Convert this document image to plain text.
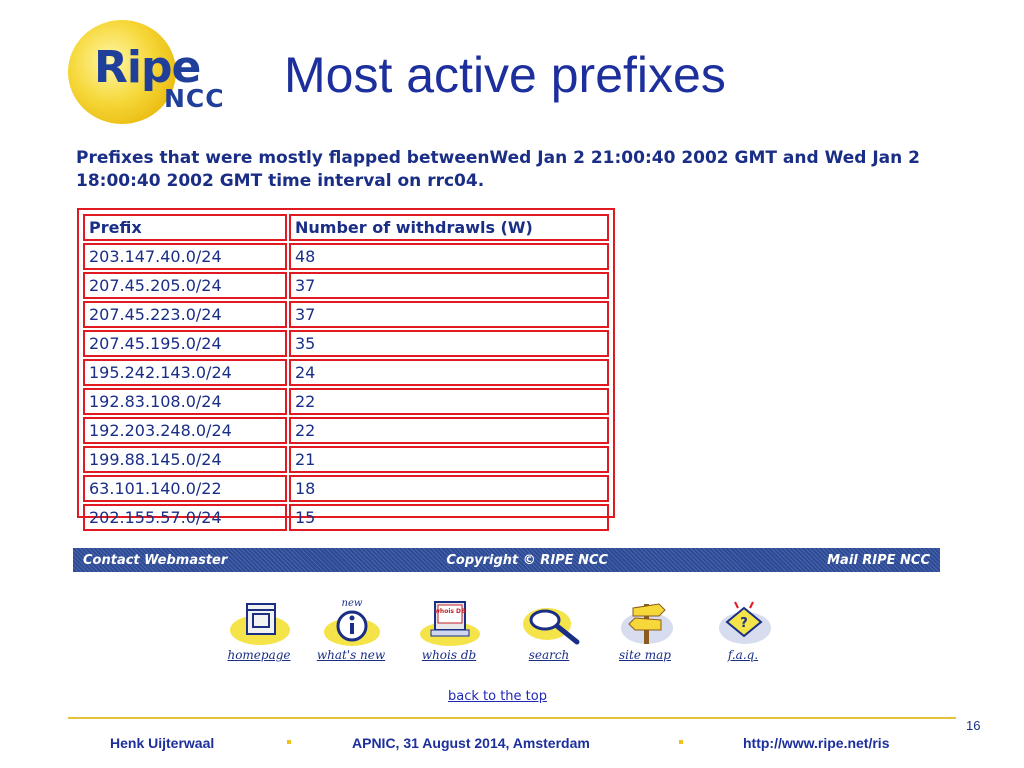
Ripe
NCC Most active prefixes
Prefixes that were mostly flapped betweenWed Jan 2 21:00:40 2002 GMT and Wed Jan 2 18:00:40 2002 GMT time interval on rrc04.
Prefix	Number of withdrawls (W)
203.147.40.0/24	48
207.45.205.0/24	37
207.45.223.0/24	37
207.45.195.0/24	35
195.242.143.0/24	24
192.83.108.0/24	22
192.203.248.0/24	22
199.88.145.0/24	21
63.101.140.0/22	18
202.155.57.0/24	15
Contact Webmaster	Copyright © RIPE NCC	Mail RIPE NCC
homepage
new
what's new
whois DB
whois db	search	site map
?
f.a.q.
back to the top
16
Henk Uijterwaal	APNIC, 31 August 2014, Amsterdam	http://www.ripe.net/ris
